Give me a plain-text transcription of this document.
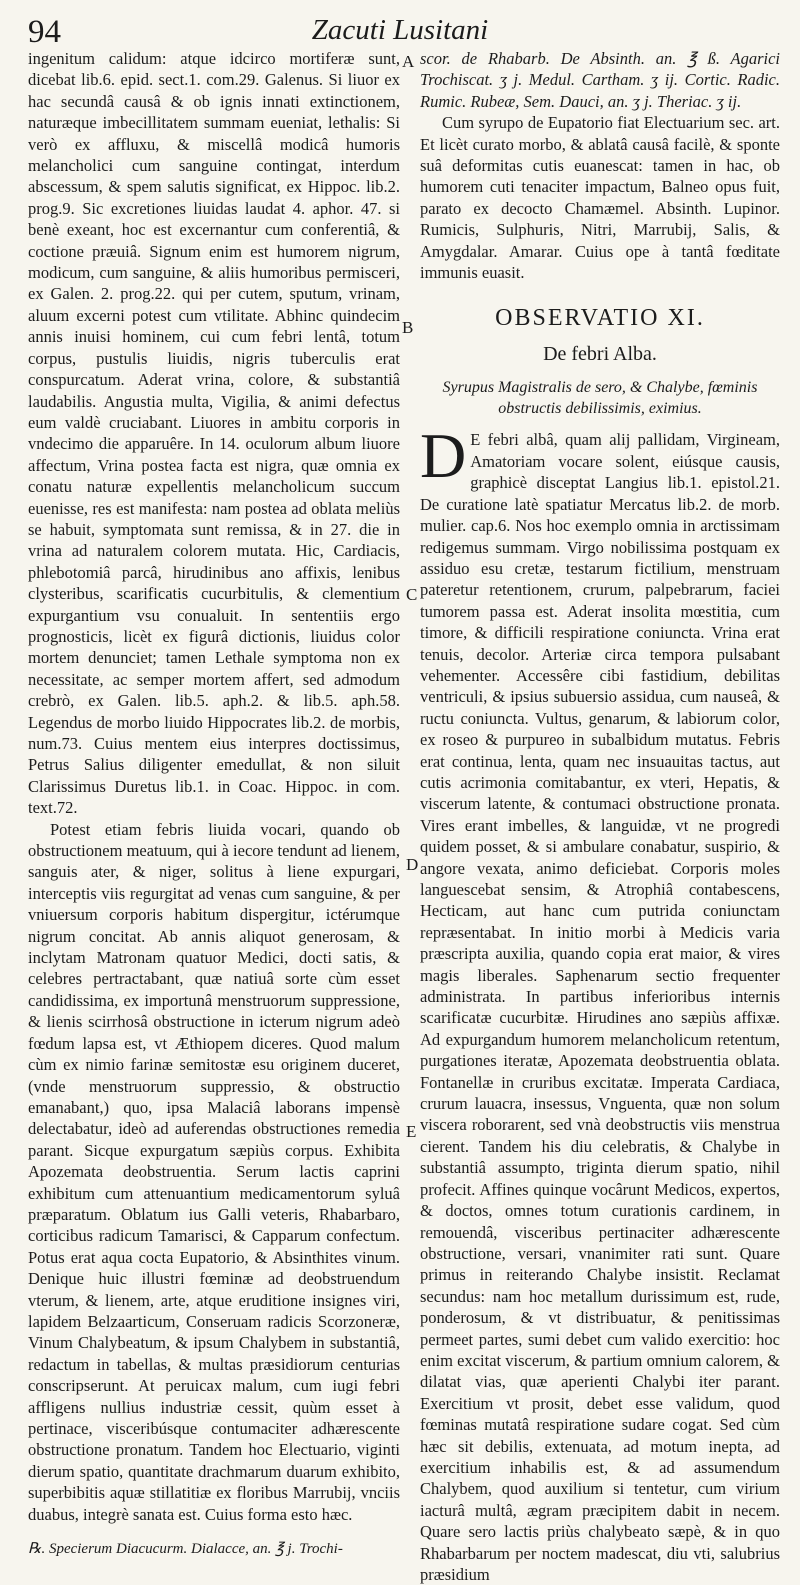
94	Zacuti Lusitani
A
B
C
D
E

ingenitum calidum: atque idcirco mortiferæ sunt, dicebat lib.6. epid. sect.1. com.29. Galenus. Si liuor ex hac secundâ causâ & ob ignis innati extinctionem, naturæque imbecillitatem summam eueniat, lethalis: Si verò ex affluxu, & miscellâ modicâ humoris melancholici cum sanguine contingat, interdum abscessum, & spem salutis significat, ex Hippoc. lib.2. prog.9. Sic excretiones liuidas laudat 4. aphor. 47. si benè exeant, hoc est excernantur cum conferentiâ, & coctione præuiâ. Signum enim est humorem nigrum, modicum, cum sanguine, & aliis humoribus permisceri, ex Galen. 2. prog.22. qui per cutem, sputum, vrinam, aluum excerni potest cum vtilitate. Abhinc quindecim annis inuisi hominem, cui cum febri lentâ, totum corpus, pustulis liuidis, nigris tuberculis erat conspurcatum. Aderat vrina, colore, & substantiâ laudabilis. Angustia multa, Vigilia, & animi defectus eum valdè cruciabant. Liuores in ambitu corporis in vndecimo die apparuêre. In 14. oculorum album liuore affectum, Vrina postea facta est nigra, quæ omnia ex conatu naturæ expellentis melancholicum succum euenisse, res est manifesta: nam postea ad oblata meliùs se habuit, symptomata sunt remissa, & in 27. die in vrina ad naturalem colorem mutata. Hic, Cardiacis, phlebotomiâ parcâ, hirudinibus ano affixis, lenibus clysteribus, scarificatis cucurbitulis, & clementium expurgantium vsu conualuit. In sententiis ergo prognosticis, licèt ex figurâ dictionis, liuidus color mortem denunciet; tamen Lethale symptoma non ex necessitate, ac semper mortem affert, sed admodum crebrò, ex Galen. lib.5. aph.2. & lib.5. aph.58. Legendus de morbo liuido Hippocrates lib.2. de morbis, num.73. Cuius mentem eius interpres doctissimus, Petrus Salius diligenter emedullat, & non siluit Clarissimus Duretus lib.1. in Coac. Hippoc. in com. text.72.

Potest etiam febris liuida vocari, quando ob obstructionem meatuum, qui à iecore tendunt ad lienem, sanguis ater, & niger, solitus à liene expurgari, interceptis viis regurgitat ad venas cum sanguine, & per vniuersum corporis habitum dispergitur, ictérumque nigrum concitat. Ab annis aliquot generosam, & inclytam Matronam quatuor Medici, docti satis, & celebres pertractabant, quæ natiuâ sorte cùm esset candidissima, ex importunâ menstruorum suppressione, & lienis scirrhosâ obstructione in icterum nigrum adeò fœdum lapsa est, vt Æthiopem diceres. Quod malum cùm ex nimio farinæ semitostæ esu originem duceret, (vnde menstruorum suppressio, & obstructio emanabant,) quo, ipsa Malaciâ laborans impensè delectabatur, ideò ad auferendas obstructiones remedia parant. Sicque expurgatum sæpiùs corpus. Exhibita Apozemata deobstruentia. Serum lactis caprini exhibitum cum attenuantium medicamentorum syluâ præparatum. Oblatum ius Galli veteris, Rhabarbaro, corticibus radicum Tamarisci, & Capparum confectum. Potus erat aqua cocta Eupatorio, & Absinthites vinum. Denique huic illustri fœminæ ad deobstruendum vterum, & lienem, arte, atque eruditione insignes viri, lapidem Belzaarticum, Conseruam radicis Scorzoneræ, Vinum Chalybeatum, & ipsum Chalybem in substantiâ, redactum in tabellas, & multas præsidiorum centurias conscripserunt. At peruicax malum, cum iugi febri affligens nullius industriæ cessit, quùm esset à pertinace, visceribúsque contumaciter adhærescente obstructione pronatum. Tandem hoc Electuario, viginti dierum spatio, quantitate drachmarum duarum exhibito, superbibitis aquæ stillatitiæ ex floribus Marrubij, vnciis duabus, integrè sanata est. Cuius forma esto hæc.

℞. Specierum Diacucurm. Dialacce, an. ℥ j. Trochi-

scor. de Rhabarb. De Absinth. an. ℥ ß. Agarici Trochiscat. ʒ j. Medul. Cartham. ʒ ij. Cortic. Radic. Rumic. Rubeæ, Sem. Dauci, an. ʒ j. Theriac. ʒ ij.

Cum syrupo de Eupatorio fiat Electuarium sec. art. Et licèt curato morbo, & ablatâ causâ facilè, & sponte suâ deformitas cutis euanescat: tamen in hac, ob humorem cuti tenaciter impactum, Balneo opus fuit, parato ex decocto Chamæmel. Absinth. Lupinor. Rumicis, Sulphuris, Nitri, Marrubij, Salis, & Amygdalar. Amarar. Cuius ope à tantâ fœditate immunis euasit.

OBSERVATIO XI.
De febri Alba.
Syrupus Magistralis de sero, & Chalybe, fœminis obstructis debilissimis, eximius.

D E febri albâ, quam alij pallidam, Virgineam, Amatoriam vocare solent, eiúsque causis, graphicè disceptat Langius lib.1. epistol.21. De curatione latè spatiatur Mercatus lib.2. de morb. mulier. cap.6. Nos hoc exemplo omnia in arctissimam redigemus summam. Virgo nobilissima postquam ex assiduo esu cretæ, testarum fictilium, menstruam pateretur retentionem, crurum, palpebrarum, faciei tumorem passa est. Aderat insolita mœstitia, cum timore, & difficili respiratione coniuncta. Vrina erat tenuis, decolor. Arteriæ circa tempora pulsabant vehementer. Accessêre cibi fastidium, debilitas ventriculi, & ipsius subuersio assidua, cum nauseâ, & ructu coniuncta. Vultus, genarum, & labiorum color, ex roseo & purpureo in subalbidum mutatus. Febris erat continua, lenta, quam nec insuauitas tactus, aut cutis acrimonia comitabantur, ex vteri, Hepatis, & viscerum latente, & contumaci obstructione pronata. Vires erant imbelles, & languidæ, vt ne progredi quidem posset, & si ambulare conabatur, suspirio, & angore vexata, animo deficiebat. Corporis moles languescebat sensim, & Atrophiâ contabescens, Hecticam, aut hanc cum putrida coniunctam repræsentabat. In initio morbi à Medicis varia præscripta auxilia, quando copia erat maior, & vires magis liberales. Saphenarum sectio frequenter administrata. In partibus inferioribus internis scarificatæ cucurbitæ. Hirudines ano sæpiùs affixæ. Ad expurgandum humorem melancholicum retentum, purgationes iteratæ, Apozemata deobstruentia oblata. Fontanellæ in cruribus excitatæ. Imperata Cardiaca, crurum lauacra, insessus, Vnguenta, quæ non solum viscera roborarent, sed vnà deobstructis viis menstrua cierent. Tandem his diu celebratis, & Chalybe in substantiâ assumpto, triginta dierum spatio, nihil profecit. Affines quinque vocârunt Medicos, expertos, & doctos, omnes totum curationis cardinem, in remouendâ, visceribus pertinaciter adhærescente obstructione, versari, vnanimiter rati sunt. Quare primus in reiterando Chalybe insistit. Reclamat secundus: nam hoc metallum durissimum est, rude, ponderosum, & vt distribuatur, & penitissimas permeet partes, sumi debet cum valido exercitio: hoc enim excitat viscerum, & partium omnium calorem, & dilatat vias, quæ aperienti Chalybi iter parant. Exercitium vt prosit, debet esse validum, quod fœminas mutatâ respiratione sudare cogat. Sed cùm hæc sit debilis, extenuata, ad motum inepta, ad exercitium inhabilis est, & ad assumendum Chalybem, quod auxilium si tentetur, cum virium iacturâ multâ, ægram præcipitem dabit in necem. Quare sero lactis priùs chalybeato sæpè, & in quo Rhabarbarum per noctem madescat, diu vti, salubrius præsidium
